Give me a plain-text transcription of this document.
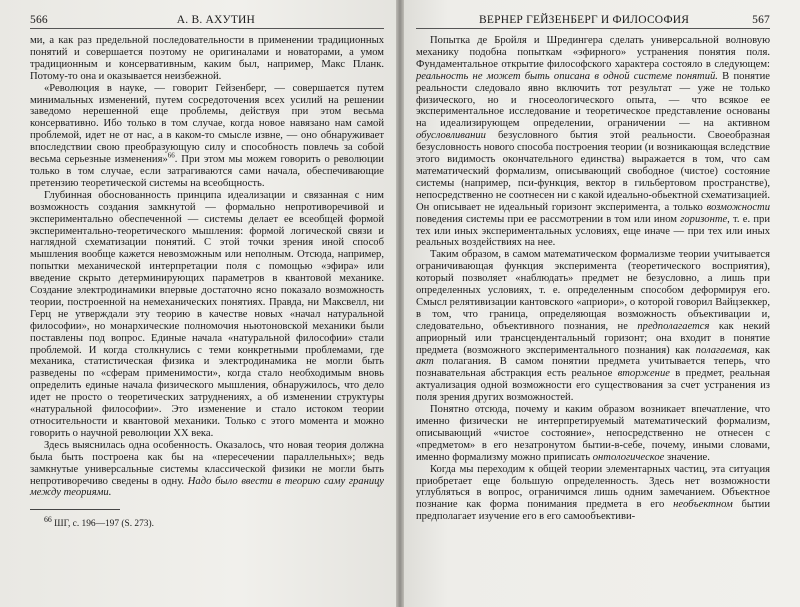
566	А. В. АХУТИН

ми, а как раз предельной последовательности в применении традиционных понятий и совершается поэтому не оригиналами и новаторами, а умом традиционным и консервативным, каким был, например, Макс Планк. Потому-то она и оказывается неизбежной.

«Революция в науке, — говорит Гейзенберг, — совершается путем минимальных изменений, путем сосредоточения всех усилий на решении заведомо нерешенной еще проблемы, действуя при этом весьма консервативно. Ибо только в том случае, когда новое навязано нам самой проблемой, идет не от нас, а в каком-то смысле извне, — оно обнаруживает впоследствии свою преобразующую силу и способность повлечь за собой весьма серьезные изменения»$^{66}$. При этом мы можем говорить о революции только в том случае, если затрагиваются сами начала, обеспечивающие претензию теоретической системы на всеобщность.

Глубинная обоснованность принципа идеализации и связанная с ним возможность создания замкнутой — формально непротиворечивой и экспериментально обеспеченной — системы делает ее всеобщей формой экспериментально-теоретического мышления: формой логической связи и наглядной схематизации понятий. С этой точки зрения иной способ мышления вообще кажется невозможным или неполным. Отсюда, например, попытки механической интерпретации поля с помощью «эфира» или введение скрыто детерминирующих параметров в квантовой механике. Создание электродинамики впервые достаточно ясно показало возможность теории, построенной на немеханических понятиях. Правда, ни Максвелл, ни Герц не утверждали эту теорию в качестве новых «начал натуральной философии», но монархические полномочия ньютоновской механики были поставлены под вопрос. Единые начала «натуральной философии» стали проблемой. И когда столкнулись с теми конкретными проблемами, где механика, статистическая физика и электродинамика не могли быть разведены по «сферам применимости», когда стало необходимым вновь определить единые начала физического мышления, обнаружилось, что дело идет не просто о теоретических затруднениях, а об изменении структуры «натуральной философии». Это изменение и стало истоком теории относительности и квантовой механики. Только с этого момента и можно говорить о научной революции XX века.

Здесь выяснилась одна особенность. Оказалось, что новая теория должна была быть построена как бы на «пересечении параллельных»; ведь замкнутые универсальные системы классической физики не могли быть непротиворечиво сведены в одну. Надо было ввести в теорию саму границу между теориями.

$^{66}$ ШГ, с. 196—197 (S. 273).
ВЕРНЕР ГЕЙЗЕНБЕРГ И ФИЛОСОФИЯ	567

Попытка де Бройля и Шредингера сделать универсальной волновую механику подобна попыткам «эфирного» устранения понятия поля. Фундаментальное открытие философского характера состояло в следующем: реальность не может быть описана в одной системе понятий. В понятие реальности следовало явно включить тот результат — уже не только физического, но и гносеологического опыта, — что всякое ее экспериментальное исследование и теоретическое представление основаны на идеализирующем определении, ограничении — на активном обусловливании безусловного бытия этой реальности. Своеобразная безусловность нового способа построения теории (и возникающая вследствие этого видимость окончательного единства) выражается в том, что сам математический формализм, описывающий свободное (чистое) состояние системы (например, пси-функция, вектор в гильбертовом пространстве), непосредственно не соотнесен ни с какой идеально-обьектной схематизацией. Он описывает не идеальный горизонт эксперимента, а только возможности поведения системы при ее рассмотрении в том или ином горизонте, т. е. при тех или иных экспериментальных условиях, еще иначе — при тех или иных реальных воздействиях на нее.

Таким образом, в самом математическом формализме теории учитывается ограничивающая функция эксперимента (теоретического восприятия), который позволяет «наблюдать» предмет не безусловно, а лишь при определенных условиях, т. е. определенным способом деформируя его. Смысл релятивизации кантовского «априори», о которой говорил Вайцзеккер, в том, что граница, определяющая возможность объективации и, следовательно, объективного познания, не предполагается как некий априорный или трансцендентальный горизонт; она входит в понятие предмета (возможного экспериментального познания) как полагаемая, как акт полагания. В самом понятии предмета учитывается теперь, что познавательная абстракция есть реальное вторжение в предмет, реальная актуализация одной возможности его существования за счет устранения из поля зрения других возможностей.

Понятно отсюда, почему и каким образом возникает впечатление, что именно физически не интерпретируемый математический формализм, описывающий «чистое состояние», непосредственно не отнесен с «предметом» в его незатронутом бытии-в-себе, почему, иными словами, именно формализму можно приписать онтологическое значение.

Когда мы переходим к общей теории элементарных частиц, эта ситуация приобретает еще большую определенность. Здесь нет возможности углубляться в вопрос, ограничимся лишь одним замечанием. Объектное познание как форма понимания предмета в его необъектном бытии предполагает изучение его в его самообъективи-
